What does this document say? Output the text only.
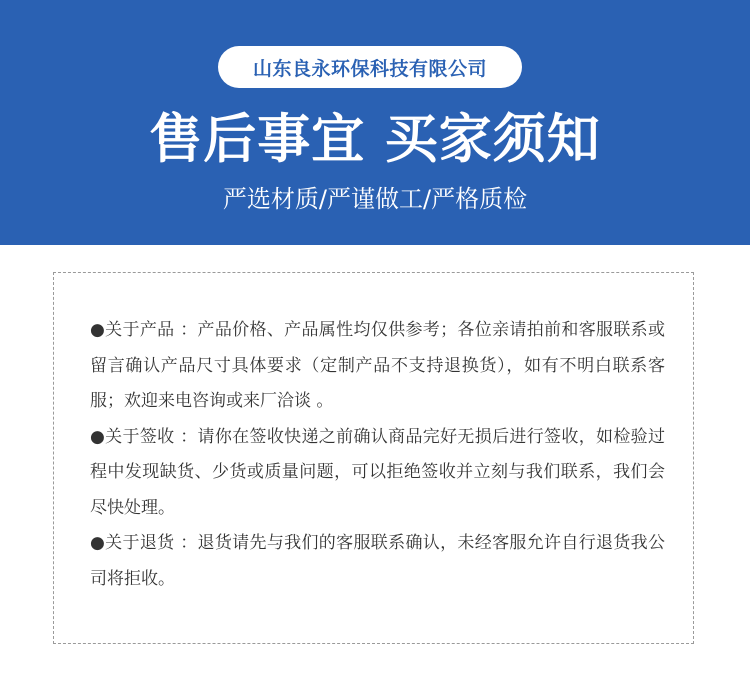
山东良永环保科技有限公司
售后事宜 买家须知
严选材质/严谨做工/严格质检

●关于产品 ：产品价格、产品属性均仅供参考；各位亲请拍前和客服联系或留言确认产品尺寸具体要求（定制产品不支持退换货），如有不明白联系客服；欢迎来电咨询或来厂洽谈 。

●关于签收 ：请你在签收快递之前确认商品完好无损后进行签收，如检验过程中发现缺货、少货或质量问题，可以拒绝签收并立刻与我们联系，我们会尽快处理。

●关于退货 ：退货请先与我们的客服联系确认，未经客服允许自行退货我公司将拒收。
